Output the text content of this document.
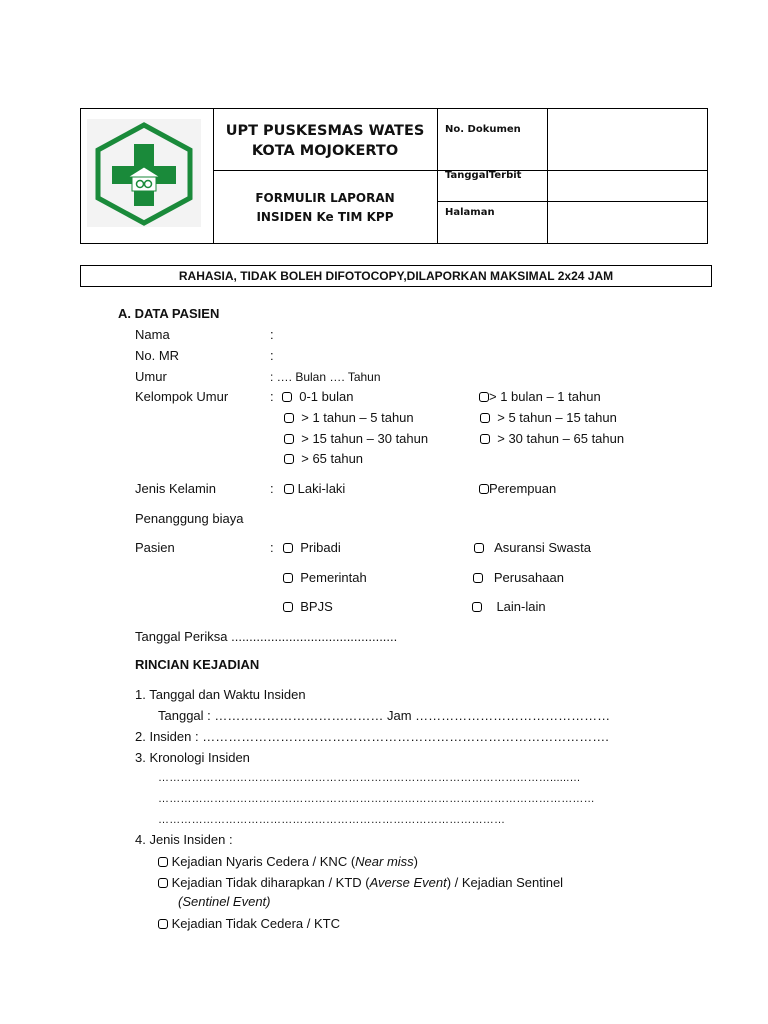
UPT PUSKESMAS WATES
KOTA MOJOKERTO
FORMULIR LAPORAN
INSIDEN Ke TIM KPP
No. Dokumen
TanggalTerbit
Halaman
RAHASIA, TIDAK BOLEH DIFOTOCOPY,DILAPORKAN MAKSIMAL 2x24 JAM
A. DATA PASIEN
Nama	:
No. MR	:
Umur	: …. Bulan …. Tahun
Kelompok Umur	:	0-1 bulan	> 1 bulan – 1 tahun
> 1 tahun – 5 tahun	> 5 tahun – 15 tahun
> 15 tahun – 30 tahun	> 30 tahun – 65 tahun
> 65 tahun
Jenis Kelamin	:	Laki-laki	Perempuan
Penanggung biaya
Pasien	:	Pribadi	Asuransi Swasta
Pemerintah	Perusahaan
BPJS	Lain-lain
Tanggal Periksa ..............................................
RINCIAN KEJADIAN
1. Tanggal dan Waktu Insiden
Tanggal : ………………………………… Jam ………………………………………
2. Insiden : ………………………………………………………………………………….
3. Kronologi Insiden
……………………………………………………………………………………………......…
………………………………………………………………………………………………………
…………………………………………………………………………………
4. Jenis Insiden :
Kejadian Nyaris Cedera / KNC (Near miss)
Kejadian Tidak diharapkan / KTD (Averse Event) / Kejadian Sentinel
(Sentinel Event)
Kejadian Tidak Cedera / KTC
